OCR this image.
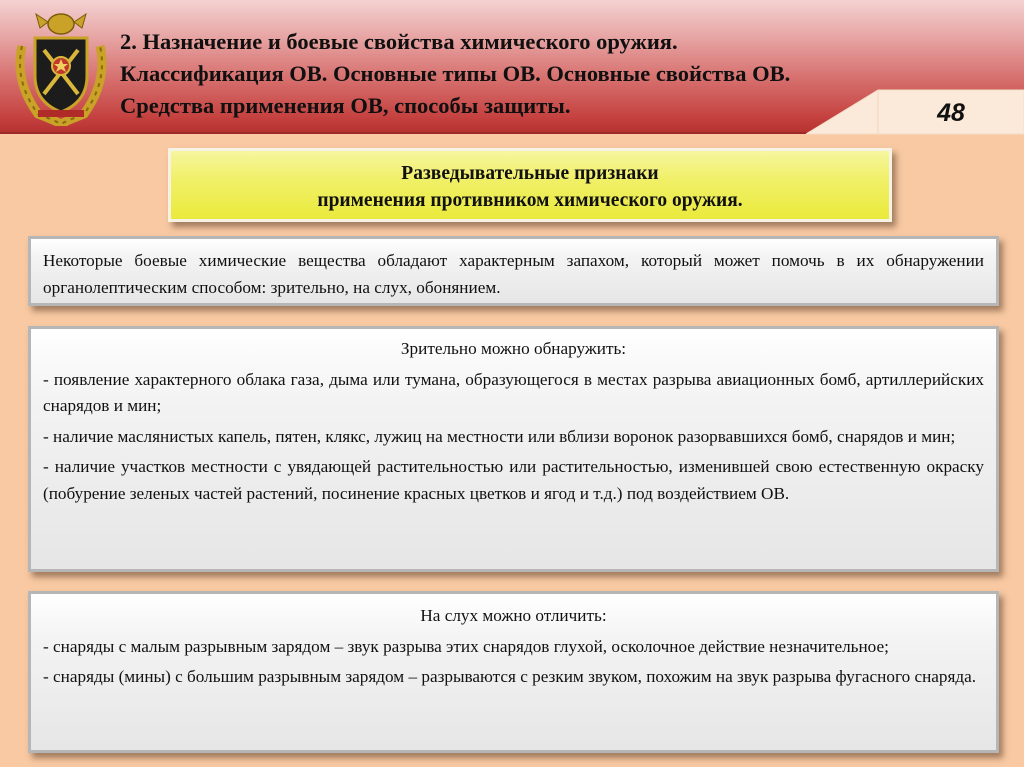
2. Назначение и боевые свойства химического оружия.
Классификация ОВ. Основные типы ОВ. Основные свойства ОВ.
Средства применения ОВ, способы защиты.	48
Разведывательные признаки
применения противником химического оружия.

Некоторые боевые химические вещества обладают характерным запахом, который может помочь в их обнаружении органолептическим способом: зрительно, на слух, обонянием.

Зрительно можно обнаружить:

- появление характерного облака газа, дыма или тумана, образующегося в местах разрыва авиационных бомб, артиллерийских снарядов и мин;

- наличие маслянистых капель, пятен, клякс, лужиц на местности или вблизи воронок разорвавшихся бомб, снарядов и мин;

- наличие участков местности с увядающей растительностью или растительностью, изменившей свою естественную окраску (побурение зеленых частей растений, посинение красных цветков и ягод и т.д.) под воздействием ОВ.

На слух можно отличить:

- снаряды с малым разрывным зарядом – звук разрыва этих снарядов глухой, осколочное действие незначительное;

- снаряды (мины) с большим разрывным зарядом – разрываются с резким звуком, похожим на звук разрыва фугасного снаряда.
